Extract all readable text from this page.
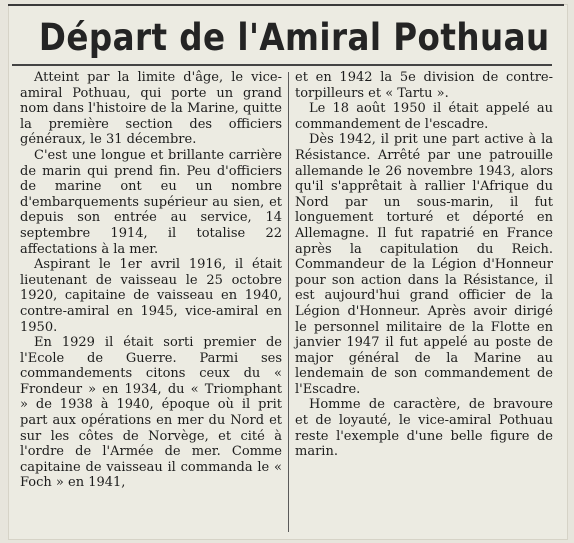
Départ de l'Amiral Pothuau

Atteint par la limite d'âge, le vice-amiral Pothuau, qui porte un grand nom dans l'histoire de la Marine, quitte la première section des officiers généraux, le 31 décembre.

C'est une longue et brillante carrière de marin qui prend fin. Peu d'officiers de marine ont eu un nombre d'embarquements supérieur au sien, et depuis son entrée au service, 14 septembre 1914, il totalise 22 affectations à la mer.

Aspirant le 1er avril 1916, il était lieutenant de vaisseau le 25 octobre 1920, capitaine de vaisseau en 1940, contre-amiral en 1945, vice-amiral en 1950.

En 1929 il était sorti premier de l'Ecole de Guerre. Parmi ses commandements citons ceux du « Frondeur » en 1934, du « Triomphant » de 1938 à 1940, époque où il prit part aux opérations en mer du Nord et sur les côtes de Norvège, et cité à l'ordre de l'Armée de mer. Comme capitaine de vaisseau il commanda le « Foch » en 1941,

et en 1942 la 5e division de contre-torpilleurs et « Tartu ».

Le 18 août 1950 il était appelé au commandement de l'escadre.

Dès 1942, il prit une part active à la Résistance. Arrêté par une patrouille allemande le 26 novembre 1943, alors qu'il s'apprêtait à rallier l'Afrique du Nord par un sous-marin, il fut longuement torturé et déporté en Allemagne. Il fut rapatrié en France après la capitulation du Reich. Commandeur de la Légion d'Honneur pour son action dans la Résistance, il est aujourd'hui grand officier de la Légion d'Honneur. Après avoir dirigé le personnel militaire de la Flotte en janvier 1947 il fut appelé au poste de major général de la Marine au lendemain de son commandement de l'Escadre.

Homme de caractère, de bravoure et de loyauté, le vice-amiral Pothuau reste l'exemple d'une belle figure de marin.
